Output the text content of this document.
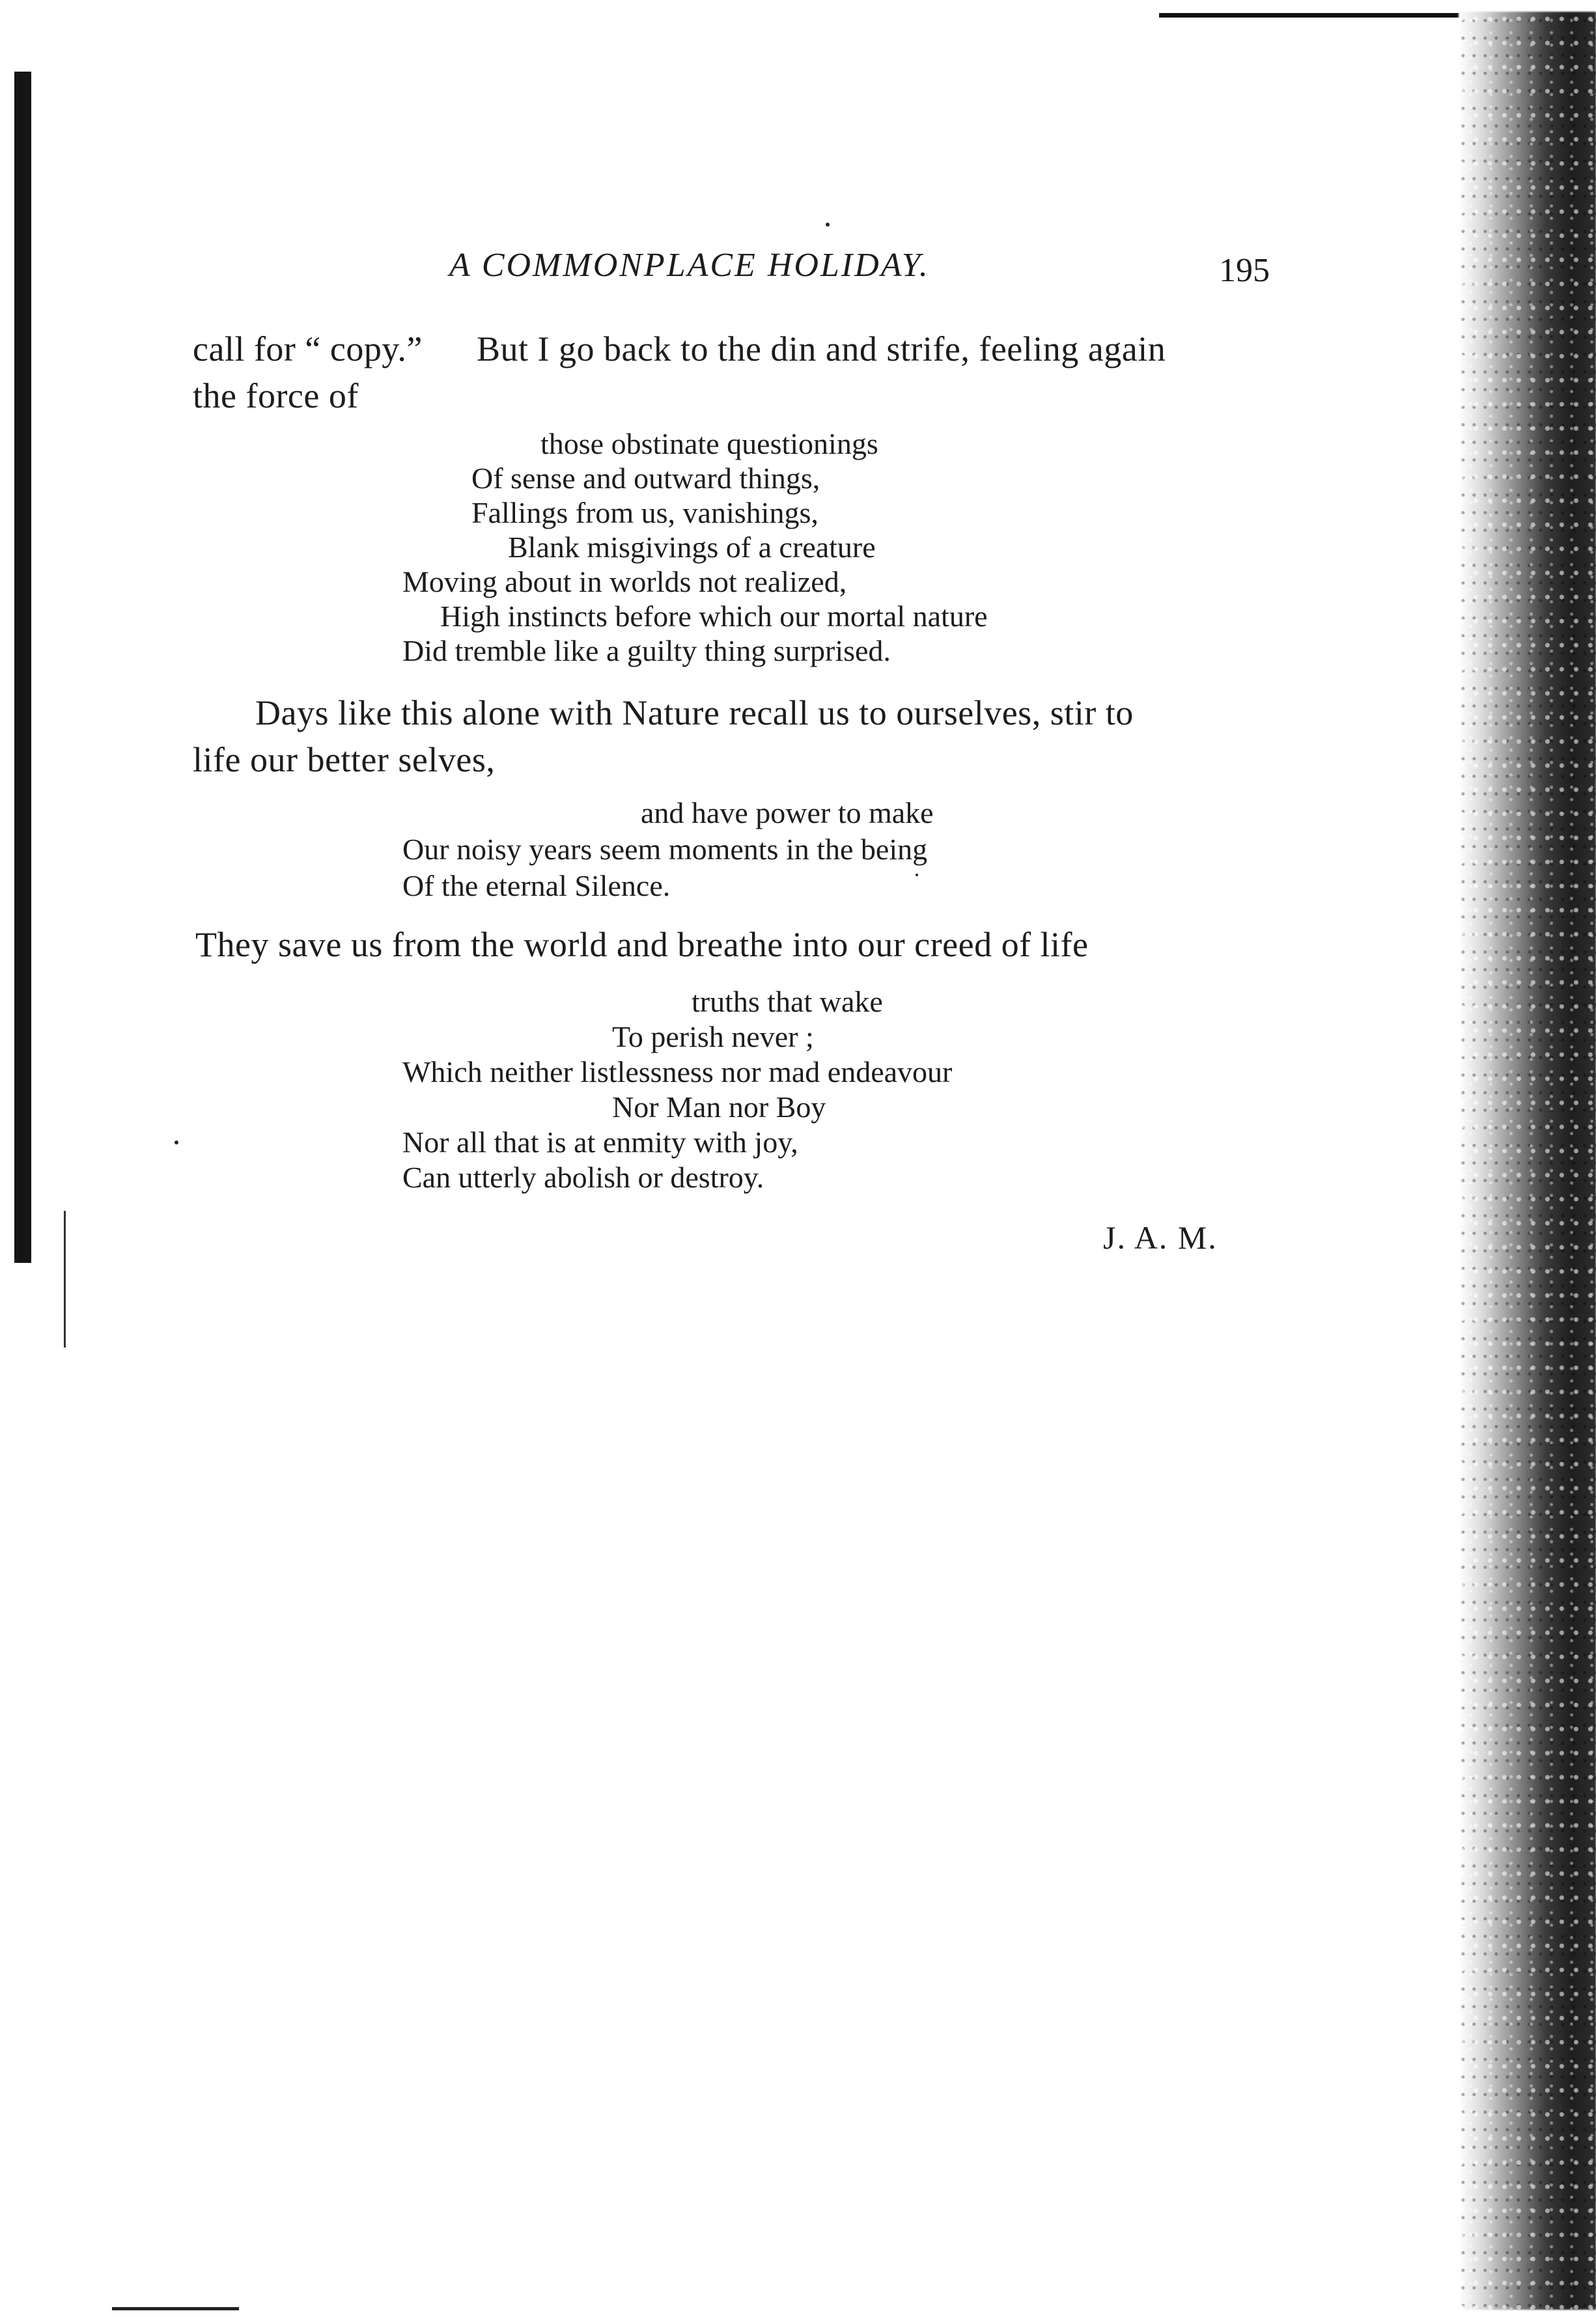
A COMMONPLACE HOLIDAY.	195
call for “ copy.” But I go back to the din and strife, feeling again
the force of
those obstinate questionings
Of sense and outward things,
Fallings from us, vanishings,
Blank misgivings of a creature
Moving about in worlds not realized,
High instincts before which our mortal nature
Did tremble like a guilty thing surprised.
Days like this alone with Nature recall us to ourselves, stir to
life our better selves,
and have power to make
Our noisy years seem moments in the being
Of the eternal Silence.
They save us from the world and breathe into our creed of life
truths that wake
To perish never ;
Which neither listlessness nor mad endeavour
Nor Man nor Boy
Nor all that is at enmity with joy,
Can utterly abolish or destroy.
J. A. M.
